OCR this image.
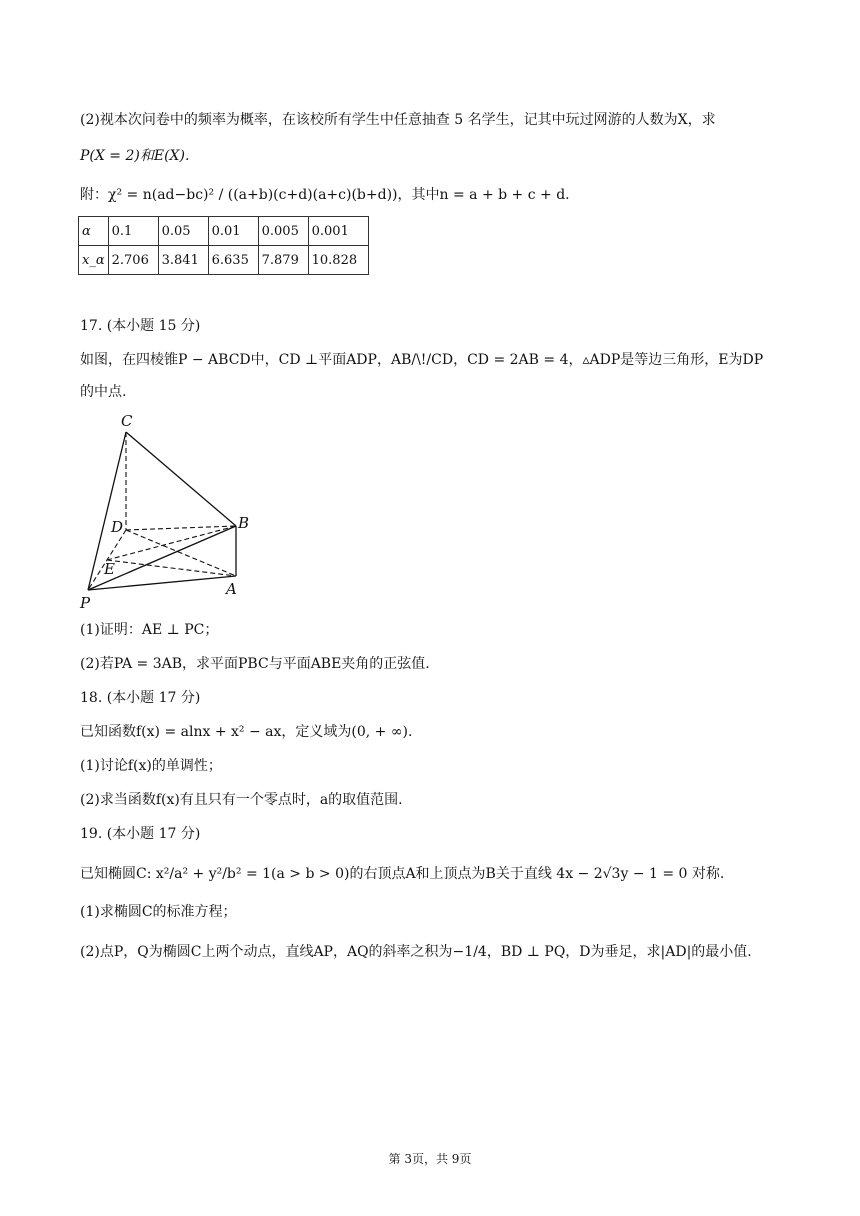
(2)视本次问卷中的频率为概率，在该校所有学生中任意抽查 5 名学生，记其中玩过网游的人数为X，求
P(X = 2)和E(X).
附：χ² = n(ad−bc)² / ((a+b)(c+d)(a+c)(b+d))，其中n = a + b + c + d.
α	0.1	0.05	0.01	0.005	0.001
x_α	2.706	3.841	6.635	7.879	10.828
17. (本小题 15 分)
如图，在四棱锥P − ABCD中，CD ⊥平面ADP，AB/\!/CD，CD = 2AB = 4，▵ADP是等边三角形，E为DP
的中点.
C
D	B
E
A
P
(1)证明：AE ⊥ PC；
(2)若PA = 3AB，求平面PBC与平面ABE夹角的正弦值.
18. (本小题 17 分)
已知函数f(x) = alnx + x² − ax，定义域为(0, + ∞).
(1)讨论f(x)的单调性；
(2)求当函数f(x)有且只有一个零点时，a的取值范围.
19. (本小题 17 分)
已知椭圆C: x²/a² + y²/b² = 1(a > b > 0)的右顶点A和上顶点为B关于直线 4x − 2√3y − 1 = 0 对称.
(1)求椭圆C的标准方程；
(2)点P，Q为椭圆C上两个动点，直线AP，AQ的斜率之积为−1/4，BD ⊥ PQ，D为垂足，求|AD|的最小值.
第 3页，共 9页
